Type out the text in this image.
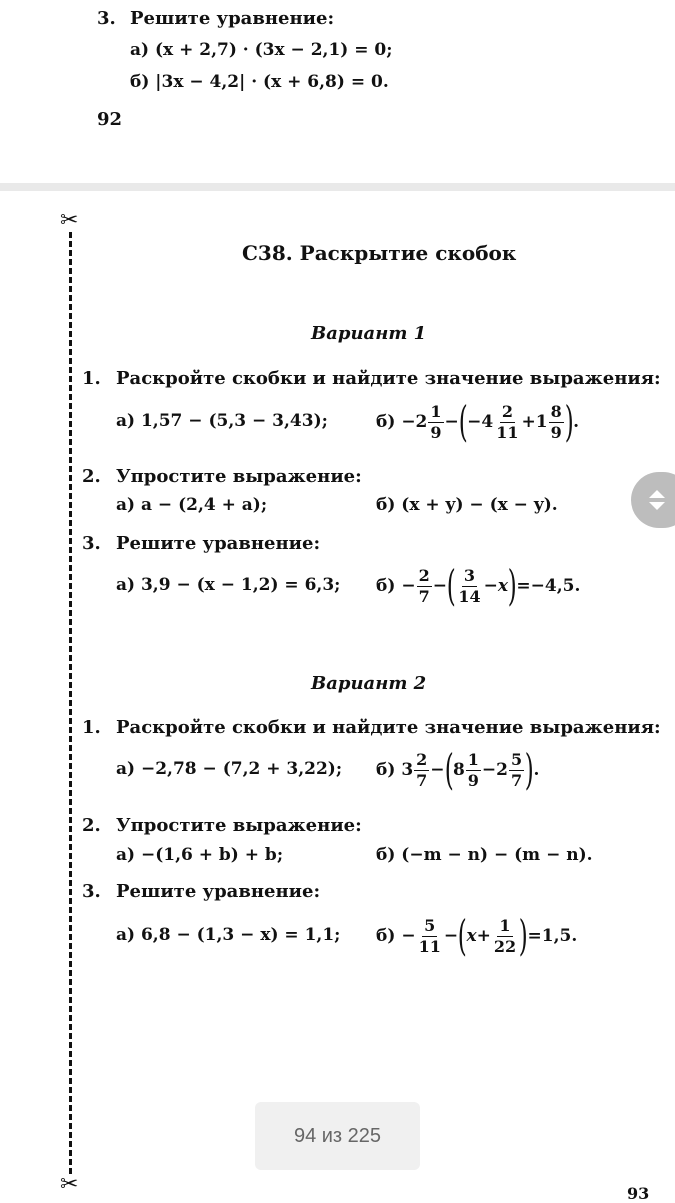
3. Решите уравнение:
а) (x + 2,7) · (3x − 2,1) = 0;
б) |3x − 4,2| · (x + 6,8) = 0.
92
✂
✂
С38. Раскрытие скобок
Вариант 1
1. Раскройте скобки и найдите значение выражения:
а) 1,57 − (5,3 − 3,43);	б)
$-2 \frac{1}{9}$ − ( $-4 \frac{2}{11} +1 \frac{8}{9}$ ) .
2. Упростите выражение:
а) a − (2,4 + a);	б) (x + y) − (x − y).
3. Решите уравнение:
а) 3,9 − (x − 1,2) = 6,3; б)
− $\frac{2}{7}$ − ( $\frac{3}{14} -x$ ) =−4,5.
Вариант 2
1. Раскройте скобки и найдите значение выражения:
а) −2,78 − (7,2 + 3,22); б)
$3 \frac{2}{7}$ − ( $8 \frac{1}{9} -2 \frac{5}{7}$ ) .
2. Упростите выражение:
а) −(1,6 + b) + b;	б) (−m − n) − (m − n).
3. Решите уравнение:
а) 6,8 − (1,3 − x) = 1,1; б)
− $\frac{5}{11}$ − ( $x+ \frac{1}{22}$ ) =1,5.
94 из 225
93
